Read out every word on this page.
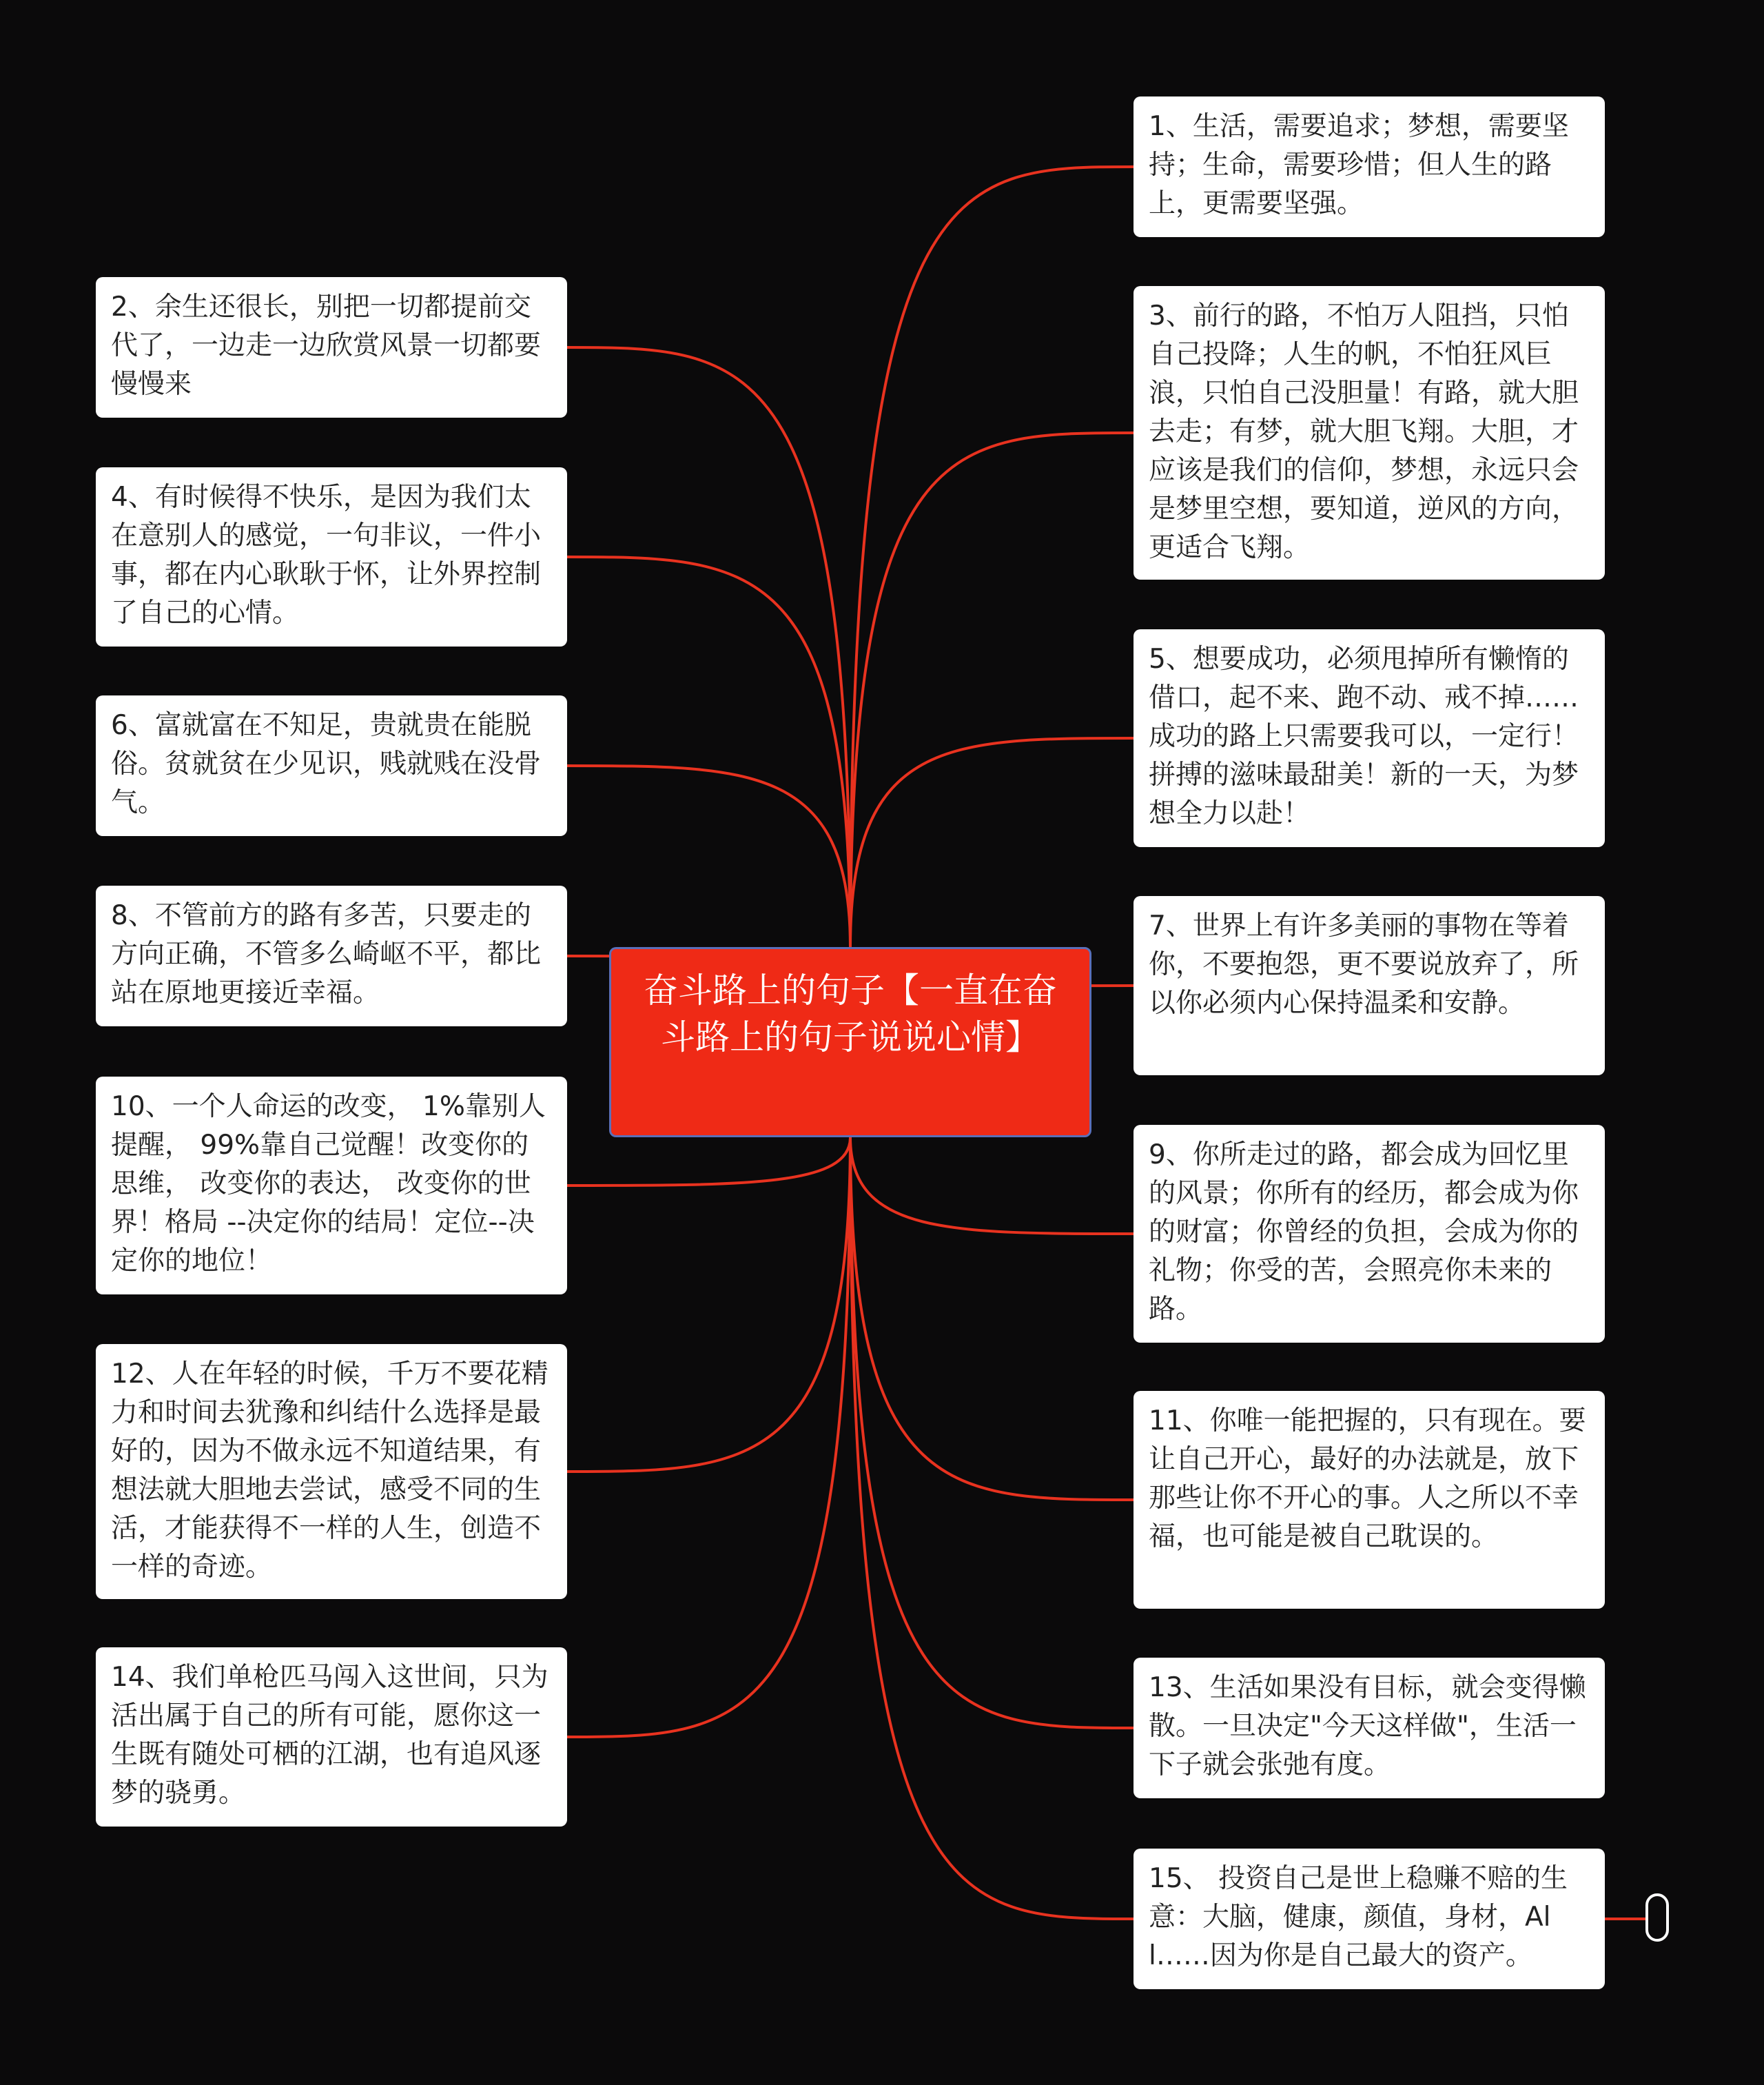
奋斗路上的句子【一直在奋斗路上的句子说说心情】
1、生活，需要追求；梦想，需要坚持；生命，需要珍惜；但人生的路上，更需要坚强。
2、余生还很长，别把一切都提前交代了，一边走一边欣赏风景一切都要慢慢来
3、前行的路，不怕万人阻挡，只怕自己投降；人生的帆，不怕狂风巨浪，只怕自己没胆量！有路，就大胆去走；有梦，就大胆飞翔。大胆，才应该是我们的信仰，梦想，永远只会是梦里空想，要知道，逆风的方向，更适合飞翔。
4、有时候得不快乐，是因为我们太在意别人的感觉，一句非议，一件小事，都在内心耿耿于怀，让外界控制了自己的心情。
5、想要成功，必须甩掉所有懒惰的借口，起不来、跑不动、戒不掉……成功的路上只需要我可以，一定行！拼搏的滋味最甜美！新的一天，为梦想全力以赴！
6、富就富在不知足，贵就贵在能脱俗。贫就贫在少见识，贱就贱在没骨气。
7、世界上有许多美丽的事物在等着你，不要抱怨，更不要说放弃了，所以你必须内心保持温柔和安静。
8、不管前方的路有多苦，只要走的方向正确，不管多么崎岖不平，都比站在原地更接近幸福。
9、你所走过的路，都会成为回忆里的风景；你所有的经历，都会成为你的财富；你曾经的负担，会成为你的礼物；你受的苦，会照亮你未来的路。
10、一个人命运的改变， 1%靠别人提醒， 99%靠自己觉醒！改变你的思维， 改变你的表达， 改变你的世界！格局 --决定你的结局！定位--决定你的地位！
11、你唯一能把握的，只有现在。要让自己开心，最好的办法就是，放下那些让你不开心的事。人之所以不幸福，也可能是被自己耽误的。
12、人在年轻的时候，千万不要花精力和时间去犹豫和纠结什么选择是最好的，因为不做永远不知道结果，有想法就大胆地去尝试，感受不同的生活，才能获得不一样的人生，创造不一样的奇迹。
13、生活如果没有目标，就会变得懒散。一旦决定"今天这样做"，生活一下子就会张弛有度。
14、我们单枪匹马闯入这世间，只为活出属于自己的所有可能，愿你这一生既有随处可栖的江湖，也有追风逐梦的骁勇。
15、 投资自己是世上稳赚不赔的生意：大脑，健康，颜值，身材，All……因为你是自己最大的资产。
